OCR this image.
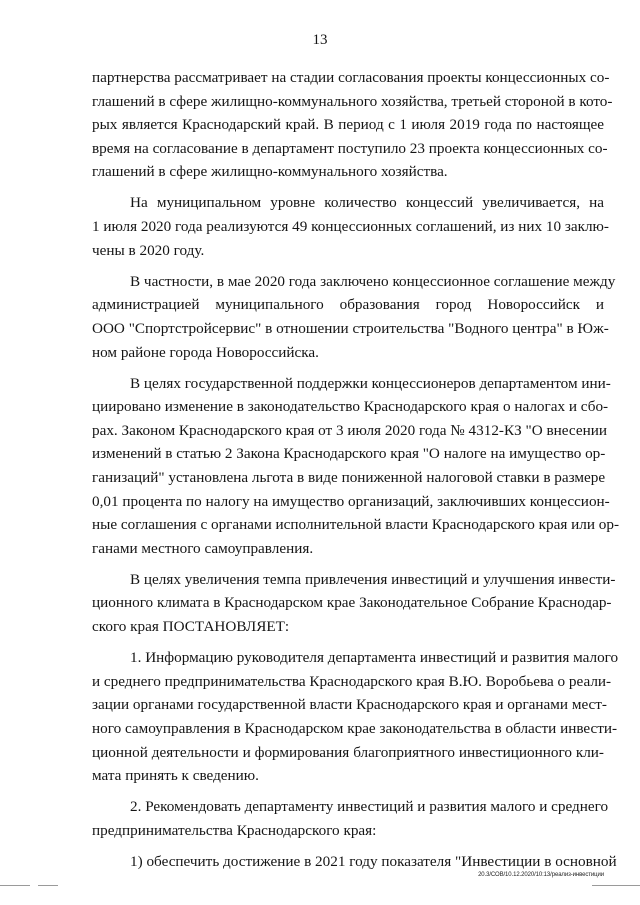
13
партнерства рассматривает на стадии согласования проекты концессионных со-
глашений в сфере жилищно-коммунального хозяйства, третьей стороной в кото-
рых является Краснодарский край. В период с 1 июля 2019 года по настоящее
время на согласование в департамент поступило 23 проекта концессионных со-
глашений в сфере жилищно-коммунального хозяйства.
На муниципальном уровне количество концессий увеличивается, на
1 июля 2020 года реализуются 49 концессионных соглашений, из них 10 заклю-
чены в 2020 году.
В частности, в мае 2020 года заключено концессионное соглашение между
администрацией муниципального образования город Новороссийск и
ООО "Спортстройсервис" в отношении строительства "Водного центра" в Юж-
ном районе города Новороссийска.
В целях государственной поддержки концессионеров департаментом ини-
циировано изменение в законодательство Краснодарского края о налогах и сбо-
рах. Законом Краснодарского края от 3 июля 2020 года № 4312-КЗ "О внесении
изменений в статью 2 Закона Краснодарского края "О налоге на имущество ор-
ганизаций" установлена льгота в виде пониженной налоговой ставки в размере
0,01 процента по налогу на имущество организаций, заключивших концессион-
ные соглашения с органами исполнительной власти Краснодарского края или ор-
ганами местного самоуправления.
В целях увеличения темпа привлечения инвестиций и улучшения инвести-
ционного климата в Краснодарском крае Законодательное Собрание Краснодар-
ского края ПОСТАНОВЛЯЕТ:
1. Информацию руководителя департамента инвестиций и развития малого
и среднего предпринимательства Краснодарского края В.Ю. Воробьева о реали-
зации органами государственной власти Краснодарского края и органами мест-
ного самоуправления в Краснодарском крае законодательства в области инвести-
ционной деятельности и формирования благоприятного инвестиционного кли-
мата принять к сведению.
2. Рекомендовать департаменту инвестиций и развития малого и среднего
предпринимательства Краснодарского края:
1) обеспечить достижение в 2021 году показателя "Инвестиции в основной
20.3/СОВ/10.12.2020/10:13/реализ-инвестиции
